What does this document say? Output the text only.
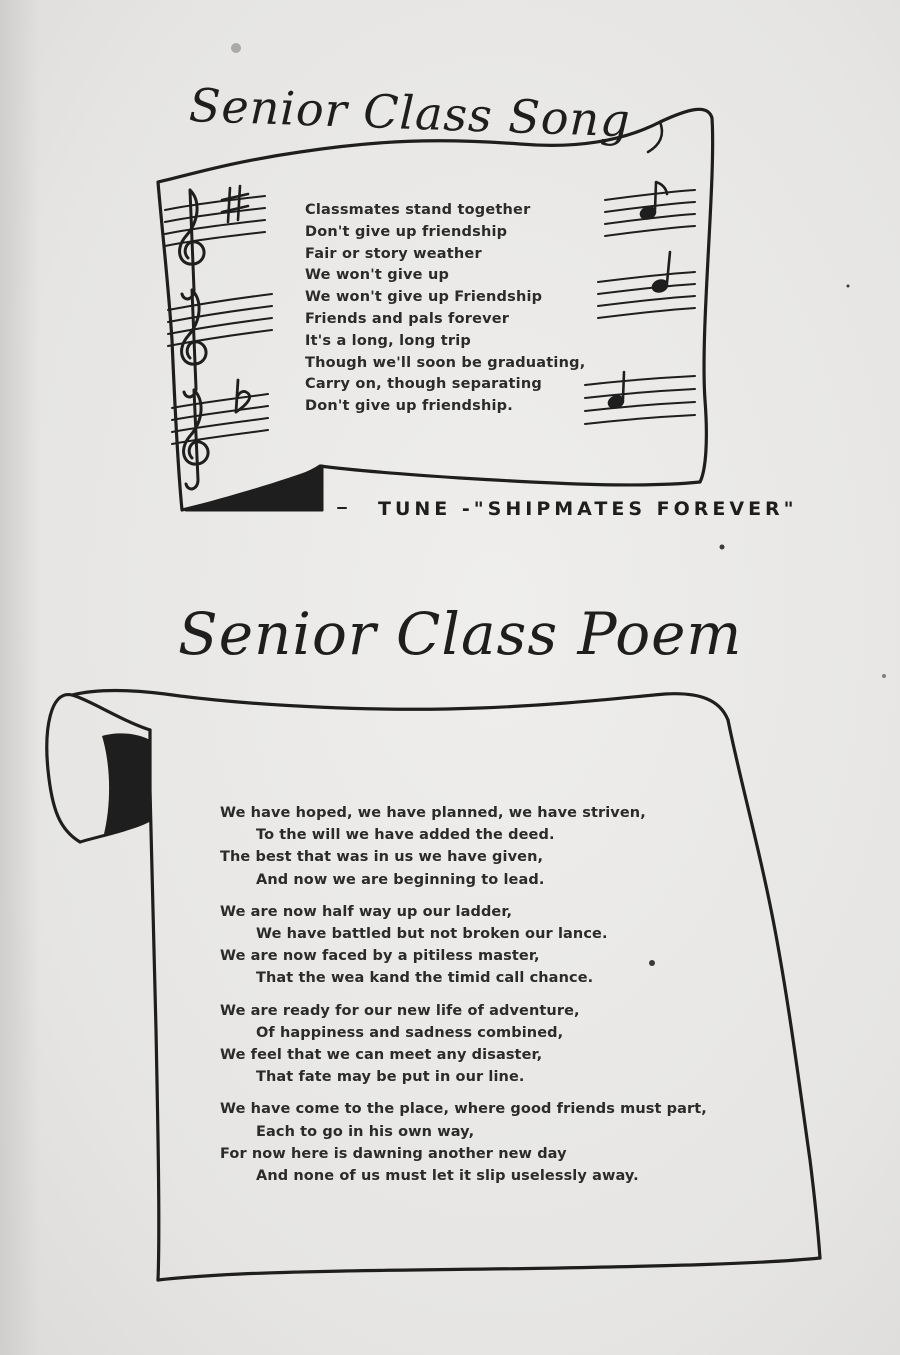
Senior Class Song
Classmates stand together
Don't give up friendship
Fair or story weather
We won't give up
We won't give up Friendship
Friends and pals forever
It's a long, long trip
Though we'll soon be graduating,
Carry on, though separating
Don't give up friendship.
TUNE -"SHIPMATES FOREVER"
Senior Class Poem
We have hoped, we have planned, we have striven,
To the will we have added the deed.
The best that was in us we have given,
And now we are beginning to lead.
We are now half way up our ladder,
We have battled but not broken our lance.
We are now faced by a pitiless master,
That the wea kand the timid call chance.
We are ready for our new life of adventure,
Of happiness and sadness combined,
We feel that we can meet any disaster,
That fate may be put in our line.
We have come to the place, where good friends must part,
Each to go in his own way,
For now here is dawning another new day
And none of us must let it slip uselessly away.
